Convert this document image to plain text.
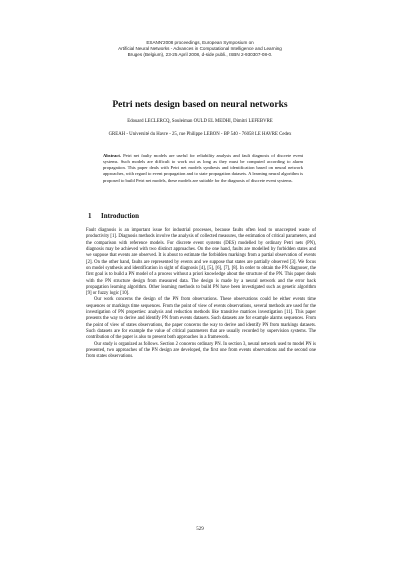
ESANN'2008 proceedings, European Symposium on
Artificial Neural Networks - Advances in Computational Intelligence and Learning
Bruges (Belgium), 23-25 April 2008, d-side publi., ISBN 2-930307-08-0.
Petri nets design based on neural networks
Edouard LECLERCQ, Souleiman OULD EL MEDHI, Dimitri LEFEBVRE
GREAH - Université du Havre - 25, rue Philippe LEBON - BP 540 - 76058 LE HAVRE Cedex
Abstract. Petri net faulty models are useful for reliability analysis and fault diagnosis of discrete event systems. Such models are difficult to work out as long as they must be computed according to alarm propagation. This paper deals with Petri net models synthesis and identification based on neural network approaches, with regard to event propagation and to state propagation datasets. A learning neural algorithm is proposed to build Petri net models, these models are suitable for the diagnosis of discrete event systems.
1 Introduction

Fault diagnosis is an important issue for industrial processes, because faults often lead to unaccepted waste of productivity [1]. Diagnosis methods involve the analysis of collected measures, the estimation of critical parameters, and the comparison with reference models. For discrete event systems (DES) modelled by ordinary Petri nets (PN), diagnosis may be achieved with two distinct approaches. On the one hand, faults are modelled by forbidden states and we suppose that events are observed. It is about to estimate the forbidden markings from a partial observation of events [2]. On the other hand, faults are represented by events and we suppose that states are partially observed [3]. We focus on model synthesis and identification in sight of diagnosis [4], [5], [6], [7], [8]. In order to obtain the PN diagnoser, the first goal is to build a PN model of a process without a priori knowledge about the structure of the PN. This paper deals with the PN structure design from measured data. The design is made by a neural network and the error back propagation learning algorithm. Other learning methods to build PN have been investigated such as genetic algorithm [9] or fuzzy logic [10].

Our work concerns the design of the PN from observations. These observations could be either events time sequences or markings time sequences. From the point of view of events observations, several methods are used for the investigation of PN properties: analysis and reduction methods like transitive matrices investigation [11]. This paper presents the way to derive and identify PN from events datasets. Such datasets are for example alarms sequences. From the point of view of states observations, the paper concerns the way to derive and identify PN from markings datasets. Such datasets are for example the value of critical parameters that are usually recorded by supervision systems. The contribution of the paper is also to present both approaches in a framework.

Our study is organized as follows. Section 2 concerns ordinary PN. In section 3, neural network used to model PN is presented, two approaches of the PN design are developed, the first one from events observations and the second one from states observations.

529
